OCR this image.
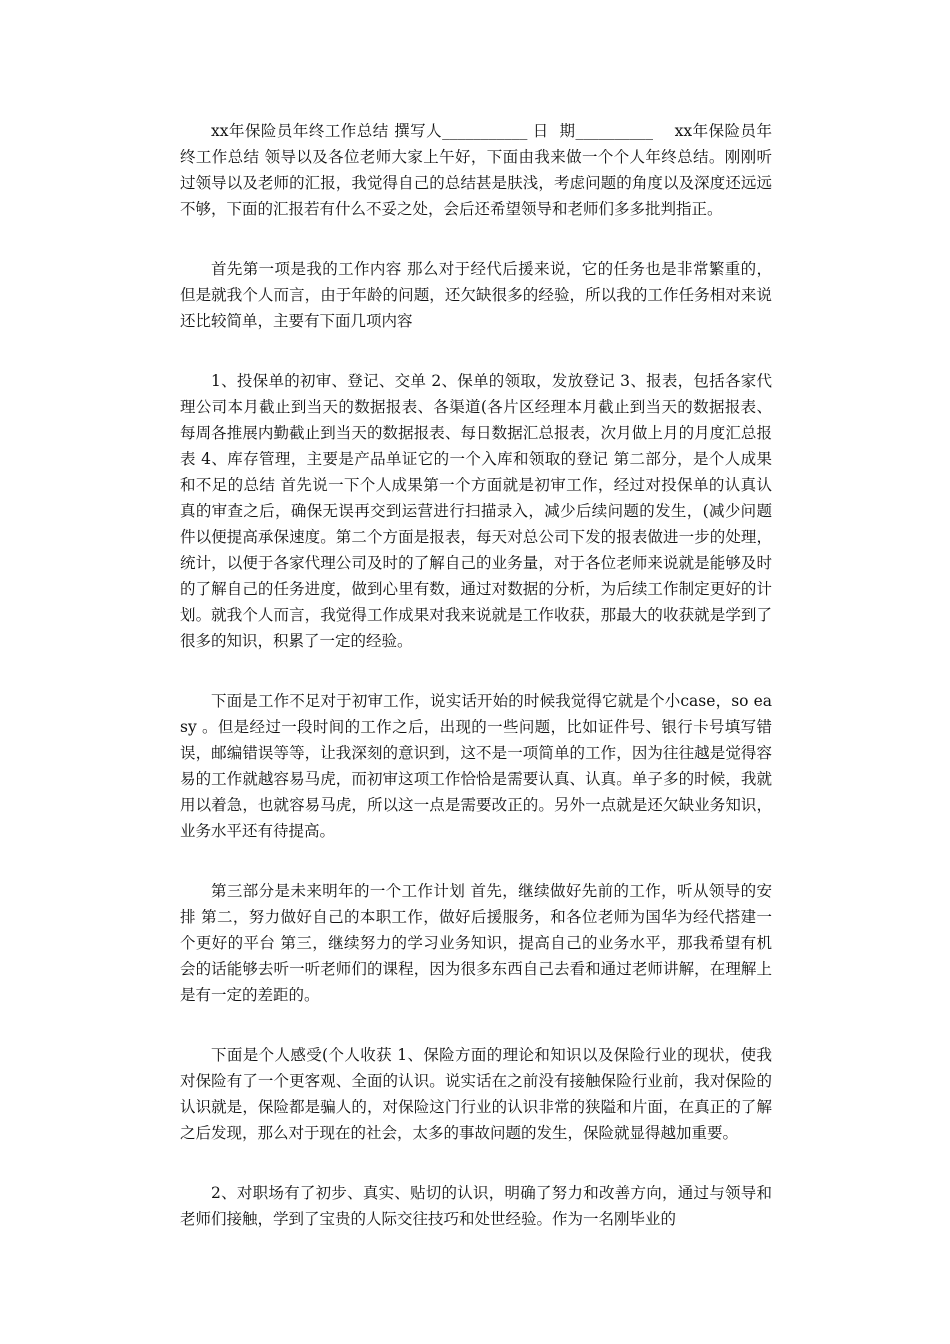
xx年保险员年终工作总结 撰写人___________ 日  期__________    xx年保险员年终工作总结 领导以及各位老师大家上午好，下面由我来做一个个人年终总结。刚刚听过领导以及老师的汇报，我觉得自己的总结甚是肤浅，考虑问题的角度以及深度还远远不够，下面的汇报若有什么不妥之处，会后还希望领导和老师们多多批判指正。

首先第一项是我的工作内容 那么对于经代后援来说，它的任务也是非常繁重的，但是就我个人而言，由于年龄的问题，还欠缺很多的经验，所以我的工作任务相对来说还比较简单，主要有下面几项内容

1、投保单的初审、登记、交单 2、保单的领取，发放登记 3、报表，包括各家代理公司本月截止到当天的数据报表、各渠道(各片区经理本月截止到当天的数据报表、每周各推展内勤截止到当天的数据报表、每日数据汇总报表，次月做上月的月度汇总报表 4、库存管理，主要是产品单证它的一个入库和领取的登记 第二部分，是个人成果和不足的总结 首先说一下个人成果第一个方面就是初审工作，经过对投保单的认真认真的审查之后，确保无误再交到运营进行扫描录入，减少后续问题的发生，(减少问题件以便提高承保速度。第二个方面是报表，每天对总公司下发的报表做进一步的处理，统计，以便于各家代理公司及时的了解自己的业务量，对于各位老师来说就是能够及时的了解自己的任务进度，做到心里有数，通过对数据的分析，为后续工作制定更好的计划。就我个人而言，我觉得工作成果对我来说就是工作收获，那最大的收获就是学到了很多的知识，积累了一定的经验。

下面是工作不足对于初审工作，说实话开始的时候我觉得它就是个小case，so easy 。但是经过一段时间的工作之后，出现的一些问题，比如证件号、银行卡号填写错误，邮编错误等等，让我深刻的意识到，这不是一项简单的工作，因为往往越是觉得容易的工作就越容易马虎，而初审这项工作恰恰是需要认真、认真。单子多的时候，我就用以着急，也就容易马虎，所以这一点是需要改正的。另外一点就是还欠缺业务知识，业务水平还有待提高。

第三部分是未来明年的一个工作计划 首先，继续做好先前的工作，听从领导的安排 第二，努力做好自己的本职工作，做好后援服务，和各位老师为国华为经代搭建一个更好的平台 第三，继续努力的学习业务知识，提高自己的业务水平，那我希望有机会的话能够去听一听老师们的课程，因为很多东西自己去看和通过老师讲解，在理解上是有一定的差距的。

下面是个人感受(个人收获 1、保险方面的理论和知识以及保险行业的现状，使我对保险有了一个更客观、全面的认识。说实话在之前没有接触保险行业前，我对保险的认识就是，保险都是骗人的，对保险这门行业的认识非常的狭隘和片面，在真正的了解之后发现，那么对于现在的社会，太多的事故问题的发生，保险就显得越加重要。

2、对职场有了初步、真实、贴切的认识，明确了努力和改善方向，通过与领导和老师们接触，学到了宝贵的人际交往技巧和处世经验。作为一名刚毕业的
